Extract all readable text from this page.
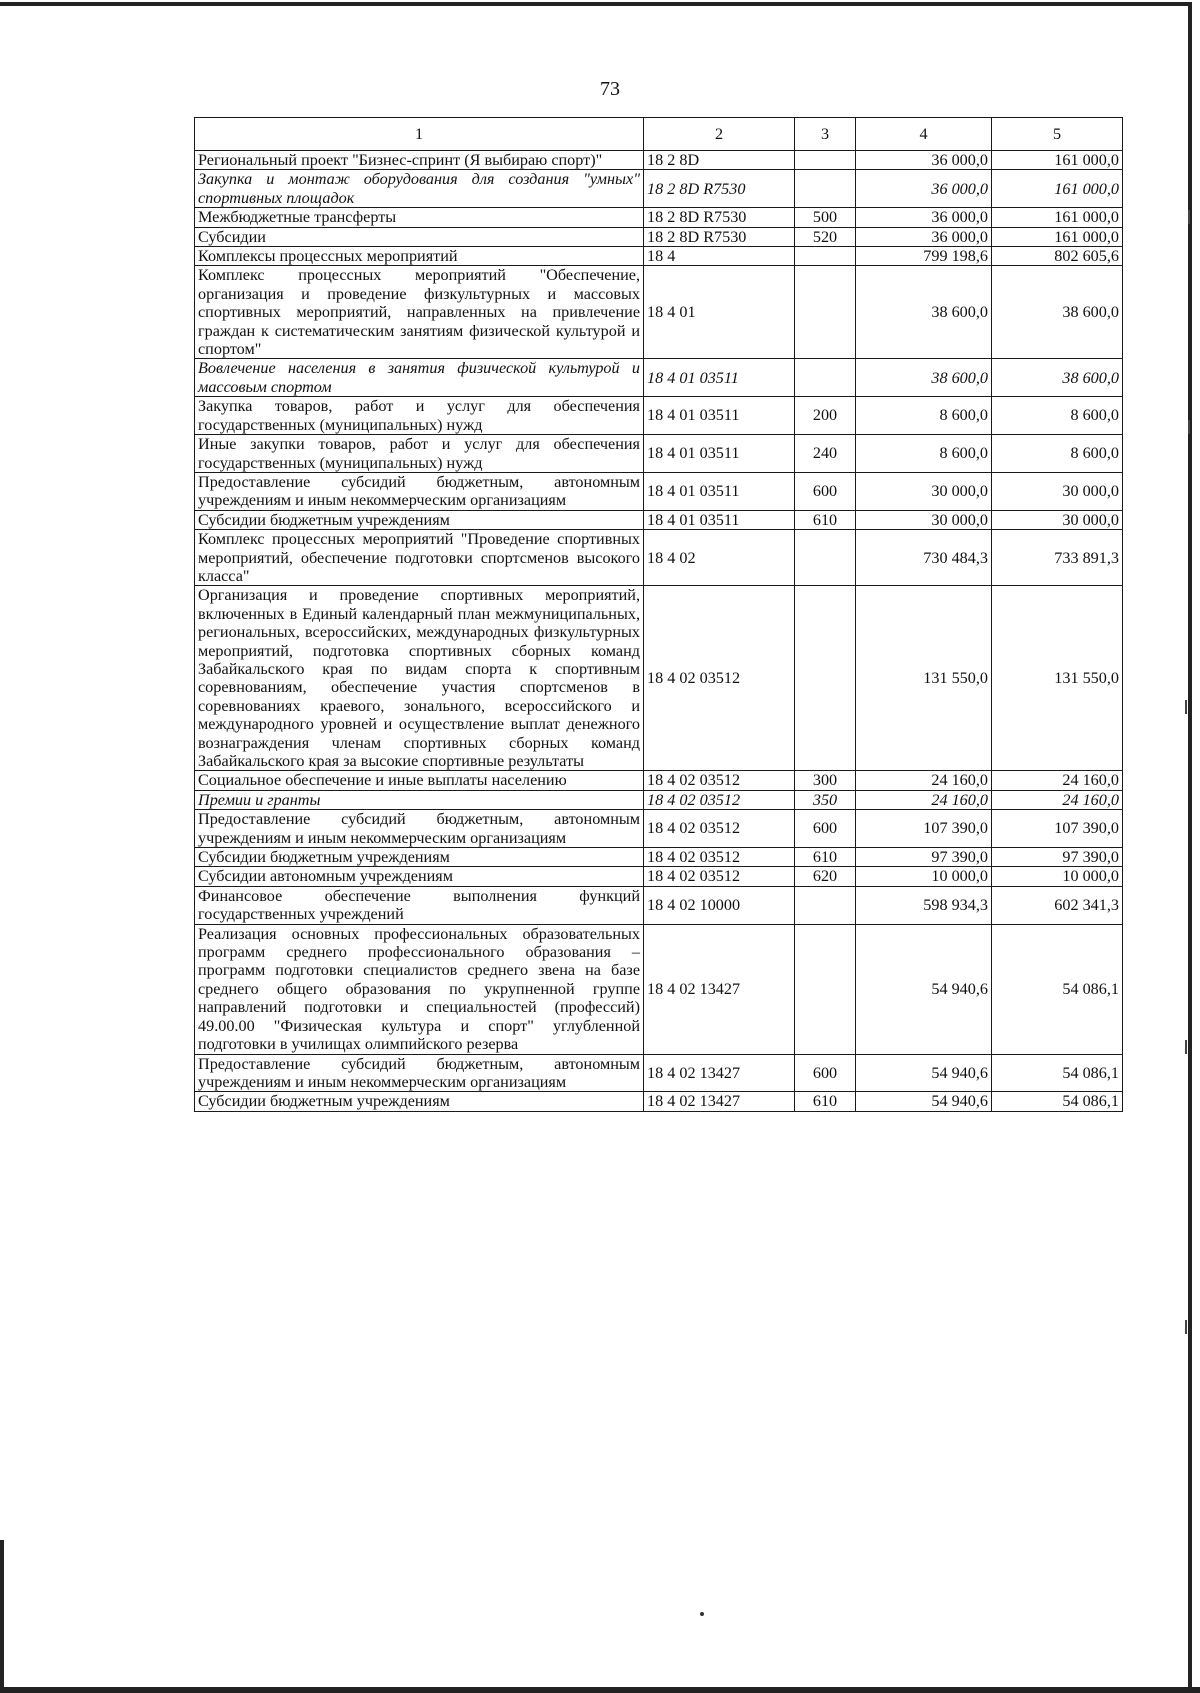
73
1	2	3	4	5
Региональный проект "Бизнес-спринт (Я выбираю спорт)"	18 2 8D		36 000,0	161 000,0
Закупка и монтаж оборудования для создания "умных" спортивных площадок	18 2 8D R7530		36 000,0	161 000,0
Межбюджетные трансферты	18 2 8D R7530	500	36 000,0	161 000,0
Субсидии	18 2 8D R7530	520	36 000,0	161 000,0
Комплексы процессных мероприятий	18 4		799 198,6	802 605,6
Комплекс процессных мероприятий "Обеспечение, организация и проведение физкультурных и массовых спортивных мероприятий, направленных на привлечение граждан к систематическим занятиям физической культурой и спортом"	18 4 01		38 600,0	38 600,0
Вовлечение населения в занятия физической культурой и массовым спортом	18 4 01 03511		38 600,0	38 600,0
Закупка товаров, работ и услуг для обеспечения государственных (муниципальных) нужд	18 4 01 03511	200	8 600,0	8 600,0
Иные закупки товаров, работ и услуг для обеспечения государственных (муниципальных) нужд	18 4 01 03511	240	8 600,0	8 600,0
Предоставление субсидий бюджетным, автономным учреждениям и иным некоммерческим организациям	18 4 01 03511	600	30 000,0	30 000,0
Субсидии бюджетным учреждениям	18 4 01 03511	610	30 000,0	30 000,0
Комплекс процессных мероприятий "Проведение спортивных мероприятий, обеспечение подготовки спортсменов высокого класса"	18 4 02		730 484,3	733 891,3
Организация и проведение спортивных мероприятий, включенных в Единый календарный план межмуниципальных, региональных, всероссийских, международных физкультурных мероприятий, подготовка спортивных сборных команд Забайкальского края по видам спорта к спортивным соревнованиям, обеспечение участия спортсменов в соревнованиях краевого, зонального, всероссийского и международного уровней и осуществление выплат денежного вознаграждения членам спортивных сборных команд Забайкальского края за высокие спортивные результаты	18 4 02 03512		131 550,0	131 550,0
Социальное обеспечение и иные выплаты населению	18 4 02 03512	300	24 160,0	24 160,0
Премии и гранты	18 4 02 03512	350	24 160,0	24 160,0
Предоставление субсидий бюджетным, автономным учреждениям и иным некоммерческим организациям	18 4 02 03512	600	107 390,0	107 390,0
Субсидии бюджетным учреждениям	18 4 02 03512	610	97 390,0	97 390,0
Субсидии автономным учреждениям	18 4 02 03512	620	10 000,0	10 000,0
Финансовое обеспечение выполнения функций государственных учреждений	18 4 02 10000		598 934,3	602 341,3
Реализация основных профессиональных образовательных программ среднего профессионального образования – программ подготовки специалистов среднего звена на базе среднего общего образования по укрупненной группе направлений подготовки и специальностей (профессий) 49.00.00 "Физическая культура и спорт" углубленной подготовки в училищах олимпийского резерва	18 4 02 13427		54 940,6	54 086,1
Предоставление субсидий бюджетным, автономным учреждениям и иным некоммерческим организациям	18 4 02 13427	600	54 940,6	54 086,1
Субсидии бюджетным учреждениям	18 4 02 13427	610	54 940,6	54 086,1
